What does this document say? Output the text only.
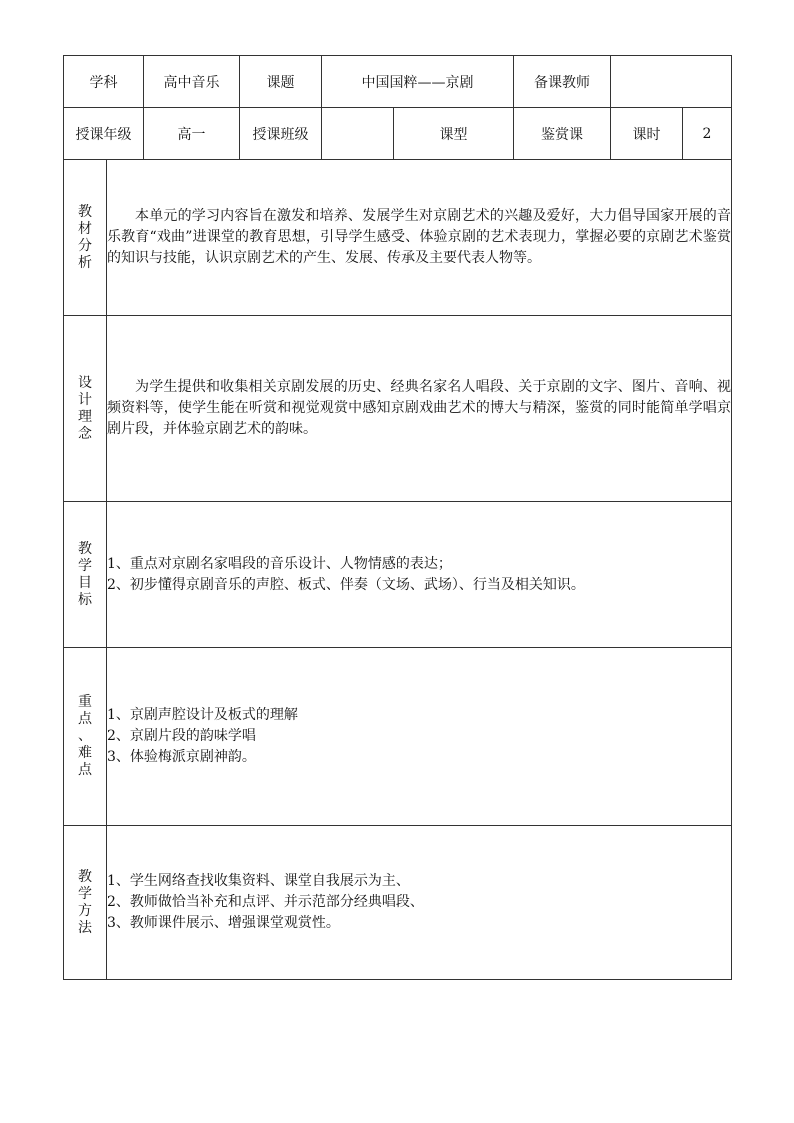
学科		高中音乐	课题	中国国粹——京剧		备课教师		
授课年级		高一	授课班级		课型	鉴赏课	课时	2

教
材
分
析	本单元的学习内容旨在激发和培养、发展学生对京剧艺术的兴趣及爱好，大力倡导国家开展的音乐教育“戏曲”进课堂的教育思想，引导学生感受、体验京剧的艺术表现力，掌握必要的京剧艺术鉴赏的知识与技能，认识京剧艺术的产生、发展、传承及主要代表人物等。							

设
计
理
念	为学生提供和收集相关京剧发展的历史、经典名家名人唱段、关于京剧的文字、图片、音响、视频资料等，使学生能在听赏和视觉观赏中感知京剧戏曲艺术的博大与精深，鉴赏的同时能简单学唱京剧片段，并体验京剧艺术的韵味。							

教
学
目
标	1、重点对京剧名家唱段的音乐设计、人物情感的表达；
2、初步懂得京剧音乐的声腔、板式、伴奏（文场、武场）、行当及相关知识。							

重
点
、
难
点	1、京剧声腔设计及板式的理解
2、京剧片段的韵味学唱
3、体验梅派京剧神韵。							

教
学
方
法	1、学生网络查找收集资料、课堂自我展示为主、
2、教师做恰当补充和点评、并示范部分经典唱段、
3、教师课件展示、增强课堂观赏性。							
